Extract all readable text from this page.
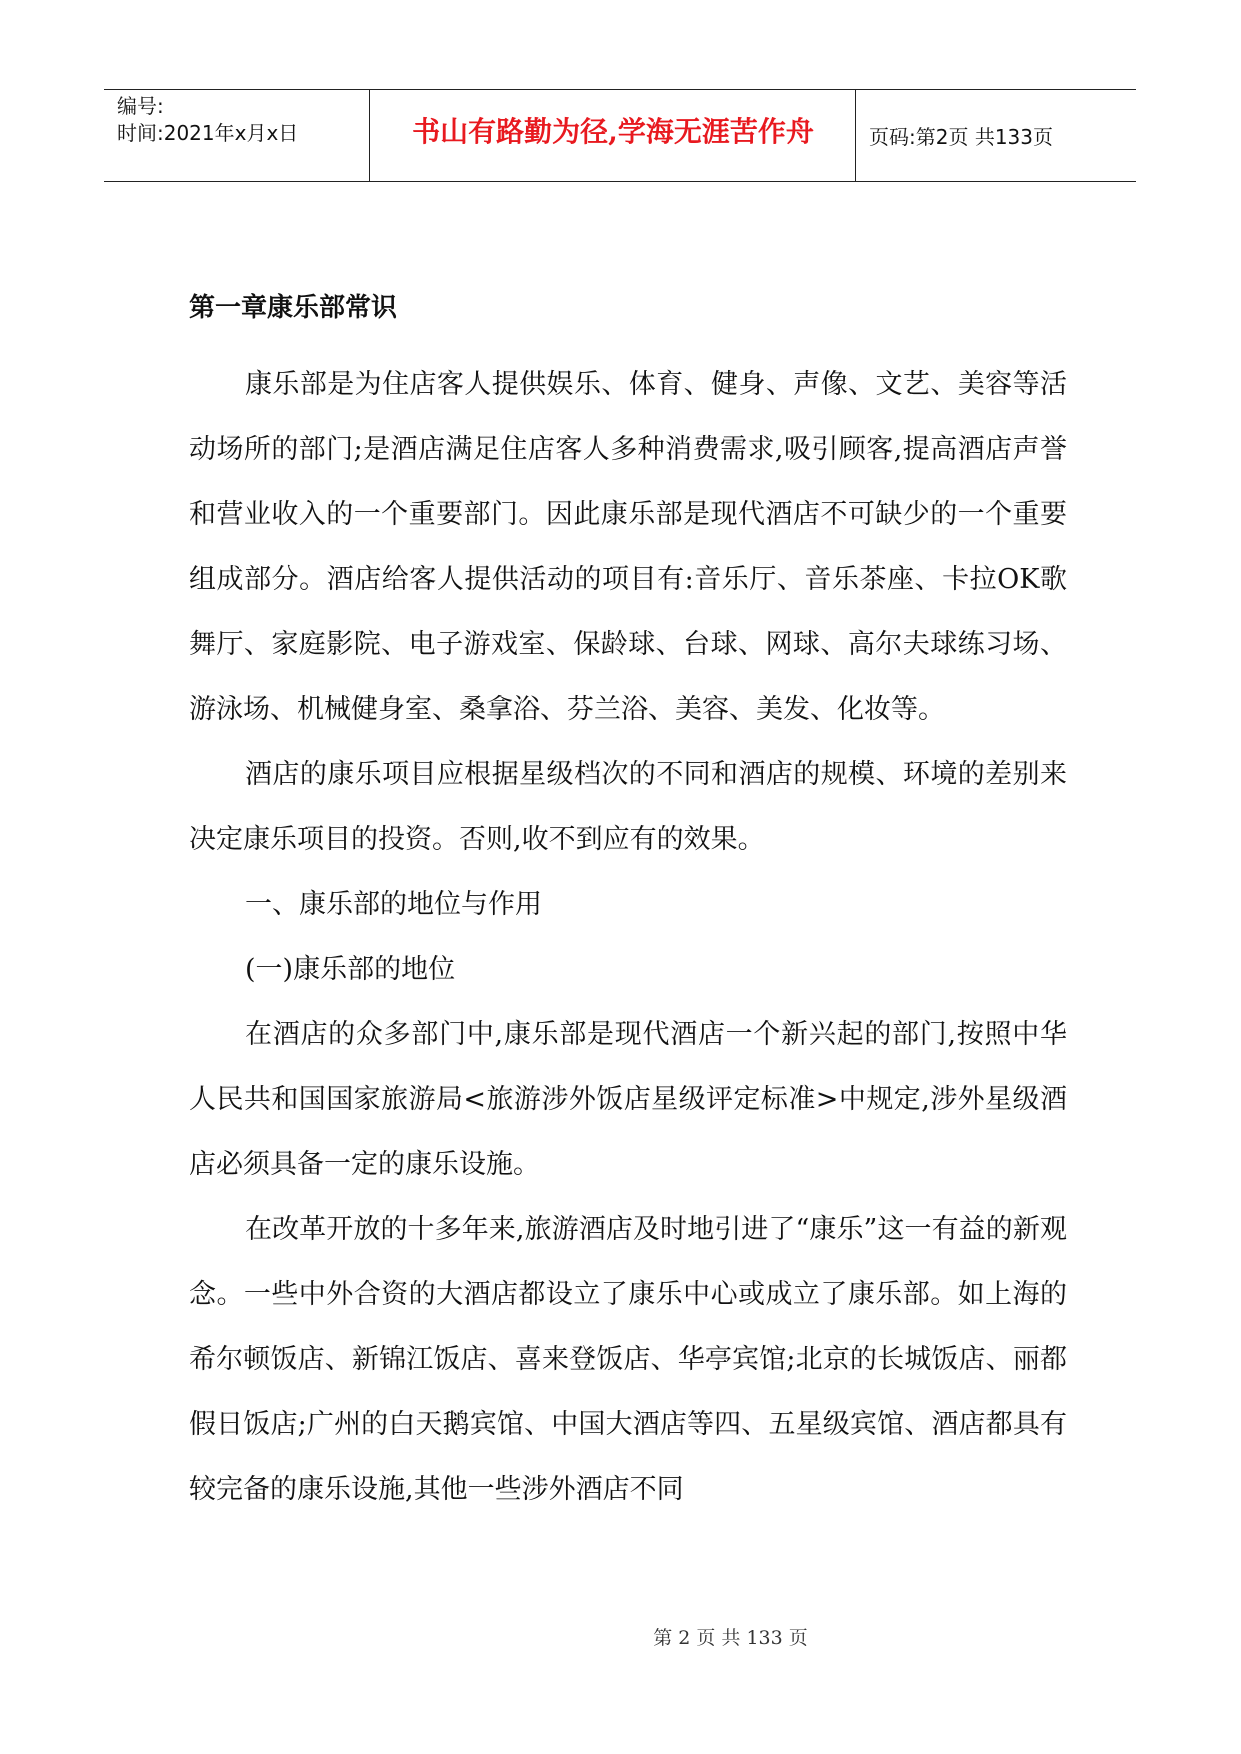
编号:
时间:2021年x月x日	书山有路勤为径,学海无涯苦作舟	页码:第2页 共133页
第一章康乐部常识

康乐部是为住店客人提供娱乐、体育、健身、声像、文艺、美容等活动场所的部门;是酒店满足住店客人多种消费需求,吸引顾客,提高酒店声誉和营业收入的一个重要部门。因此康乐部是现代酒店不可缺少的一个重要组成部分。酒店给客人提供活动的项目有:音乐厅、音乐茶座、卡拉OK歌舞厅、家庭影院、电子游戏室、保龄球、台球、网球、高尔夫球练习场、游泳场、机械健身室、桑拿浴、芬兰浴、美容、美发、化妆等。

酒店的康乐项目应根据星级档次的不同和酒店的规模、环境的差别来决定康乐项目的投资。否则,收不到应有的效果。

一、康乐部的地位与作用

(一)康乐部的地位

在酒店的众多部门中,康乐部是现代酒店一个新兴起的部门,按照中华人民共和国国家旅游局<旅游涉外饭店星级评定标准>中规定,涉外星级酒店必须具备一定的康乐设施。

在改革开放的十多年来,旅游酒店及时地引进了“康乐”这一有益的新观念。一些中外合资的大酒店都设立了康乐中心或成立了康乐部。如上海的希尔顿饭店、新锦江饭店、喜来登饭店、华亭宾馆;北京的长城饭店、丽都假日饭店;广州的白天鹅宾馆、中国大酒店等四、五星级宾馆、酒店都具有较完备的康乐设施,其他一些涉外酒店不同

第 2 页 共 133 页
